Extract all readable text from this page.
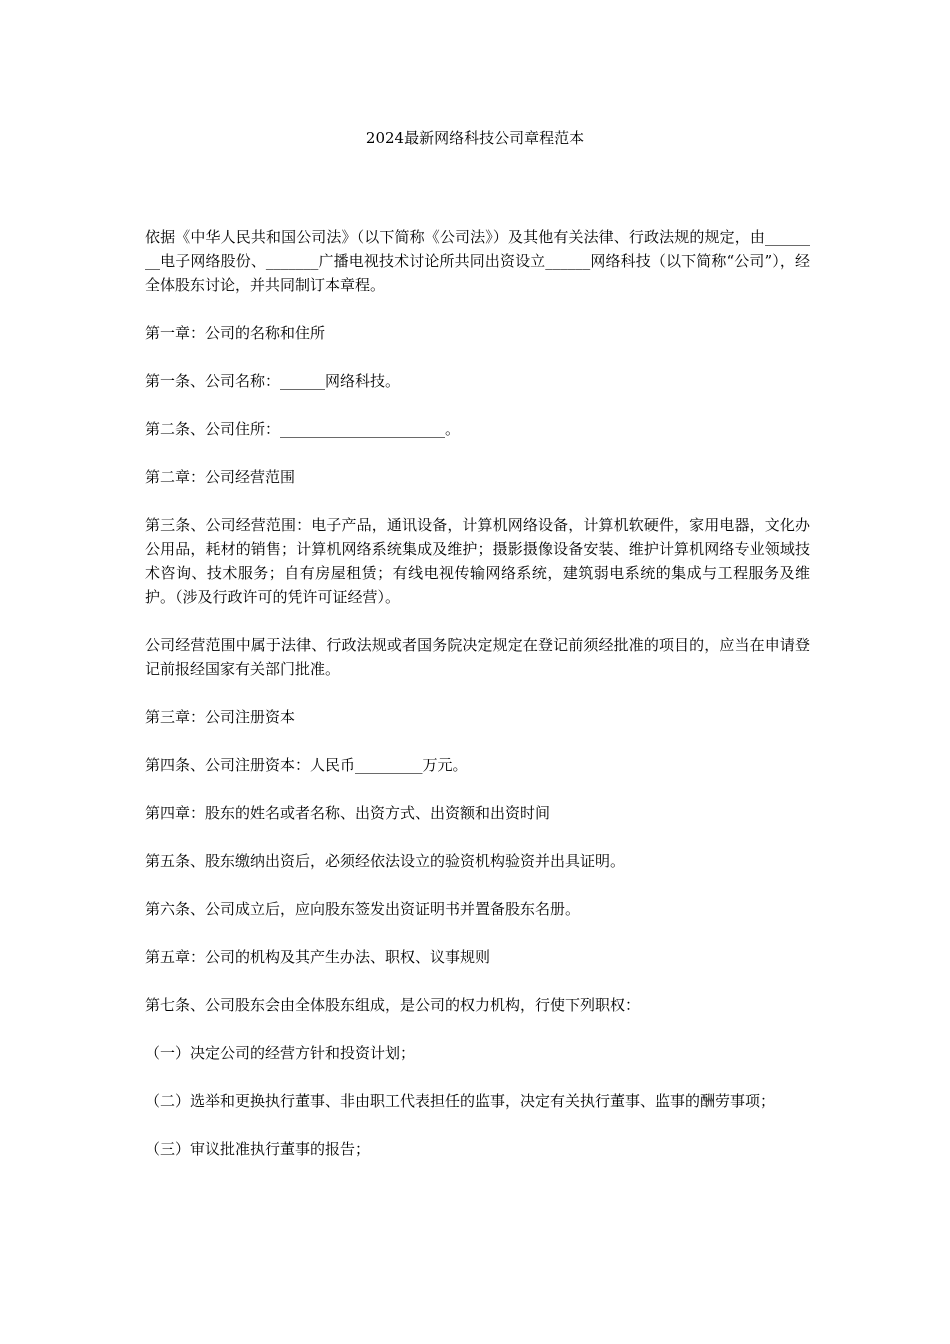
2024最新网络科技公司章程范本

依据《中华人民共和国公司法》（以下简称《公司法》）及其他有关法律、行政法规的规定，由________电子网络股份、_______广播电视技术讨论所共同出资设立______网络科技（以下简称“公司”），经全体股东讨论，并共同制订本章程。

第一章：公司的名称和住所

第一条、公司名称：______网络科技。

第二条、公司住所：______________________。

第二章：公司经营范围

第三条、公司经营范围：电子产品，通讯设备，计算机网络设备，计算机软硬件，家用电器，文化办公用品，耗材的销售；计算机网络系统集成及维护；摄影摄像设备安装、维护计算机网络专业领域技术咨询、技术服务；自有房屋租赁；有线电视传输网络系统，建筑弱电系统的集成与工程服务及维护。（涉及行政许可的凭许可证经营）。

公司经营范围中属于法律、行政法规或者国务院决定规定在登记前须经批准的项目的，应当在申请登记前报经国家有关部门批准。

第三章：公司注册资本

第四条、公司注册资本：人民币_________万元。

第四章：股东的姓名或者名称、出资方式、出资额和出资时间

第五条、股东缴纳出资后，必须经依法设立的验资机构验资并出具证明。

第六条、公司成立后，应向股东签发出资证明书并置备股东名册。

第五章：公司的机构及其产生办法、职权、议事规则

第七条、公司股东会由全体股东组成，是公司的权力机构，行使下列职权：

（一）决定公司的经营方针和投资计划；

（二）选举和更换执行董事、非由职工代表担任的监事，决定有关执行董事、监事的酬劳事项；

（三）审议批准执行董事的报告；
